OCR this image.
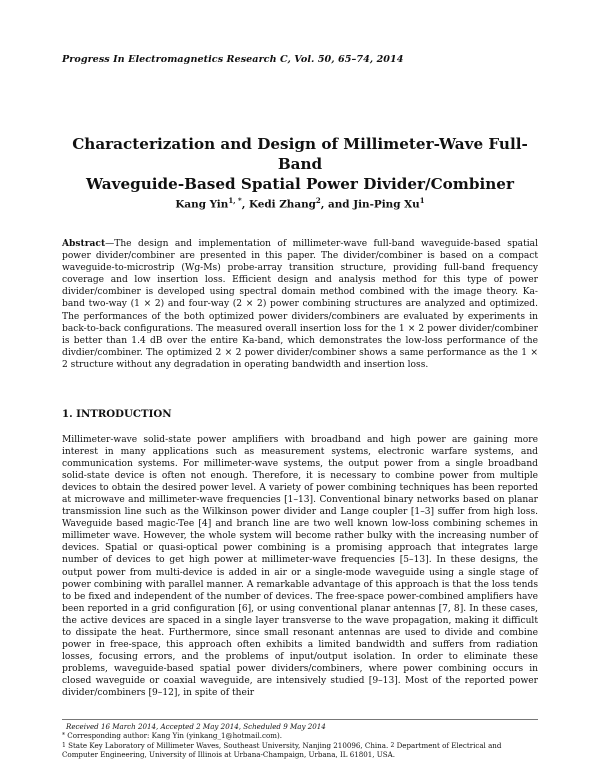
Progress In Electromagnetics Research C, Vol. 50, 65–74, 2014
Characterization and Design of Millimeter-Wave Full-Band
Waveguide-Based Spatial Power Divider/Combiner
Kang Yin$^{1, *}$, Kedi Zhang$^2$, and Jin-Ping Xu$^1$
Abstract—The design and implementation of millimeter-wave full-band waveguide-based spatial power divider/combiner are presented in this paper. The divider/combiner is based on a compact waveguide-to-microstrip (Wg-Ms) probe-array transition structure, providing full-band frequency coverage and low insertion loss. Efficient design and analysis method for this type of power divider/combiner is developed using spectral domain method combined with the image theory. Ka-band two-way (1 × 2) and four-way (2 × 2) power combining structures are analyzed and optimized. The performances of the both optimized power dividers/combiners are evaluated by experiments in back-to-back configurations. The measured overall insertion loss for the 1 × 2 power divider/combiner is better than 1.4 dB over the entire Ka-band, which demonstrates the low-loss performance of the divdier/combiner. The optimized 2 × 2 power divider/combiner shows a same performance as the 1 × 2 structure without any degradation in operating bandwidth and insertion loss.
1. INTRODUCTION
Millimeter-wave solid-state power amplifiers with broadband and high power are gaining more interest in many applications such as measurement systems, electronic warfare systems, and communication systems. For millimeter-wave systems, the output power from a single broadband solid-state device is often not enough. Therefore, it is necessary to combine power from multiple devices to obtain the desired power level. A variety of power combining techniques has been reported at microwave and millimeter-wave frequencies [1–13]. Conventional binary networks based on planar transmission line such as the Wilkinson power divider and Lange coupler [1–3] suffer from high loss. Waveguide based magic-Tee [4] and branch line are two well known low-loss combining schemes in millimeter wave. However, the whole system will become rather bulky with the increasing number of devices. Spatial or quasi-optical power combining is a promising approach that integrates large number of devices to get high power at millimeter-wave frequencies [5–13]. In these designs, the output power from multi-device is added in air or a single-mode waveguide using a single stage of power combining with parallel manner. A remarkable advantage of this approach is that the loss tends to be fixed and independent of the number of devices. The free-space power-combined amplifiers have been reported in a grid configuration [6], or using conventional planar antennas [7, 8]. In these cases, the active devices are spaced in a single layer transverse to the wave propagation, making it difficult to dissipate the heat. Furthermore, since small resonant antennas are used to divide and combine power in free-space, this approach often exhibits a limited bandwidth and suffers from radiation losses, focusing errors, and the problems of input/output isolation. In order to eliminate these problems, waveguide-based spatial power dividers/combiners, where power combining occurs in closed waveguide or coaxial waveguide, are intensively studied [9–13]. Most of the reported power divider/combiners [9–12], in spite of their
Received 16 March 2014, Accepted 2 May 2014, Scheduled 9 May 2014
* Corresponding author: Kang Yin (yinkang_1@hotmail.com).
1 State Key Laboratory of Millimeter Waves, Southeast University, Nanjing 210096, China. 2 Department of Electrical and Computer Engineering, University of Illinois at Urbana-Champaign, Urbana, IL 61801, USA.
